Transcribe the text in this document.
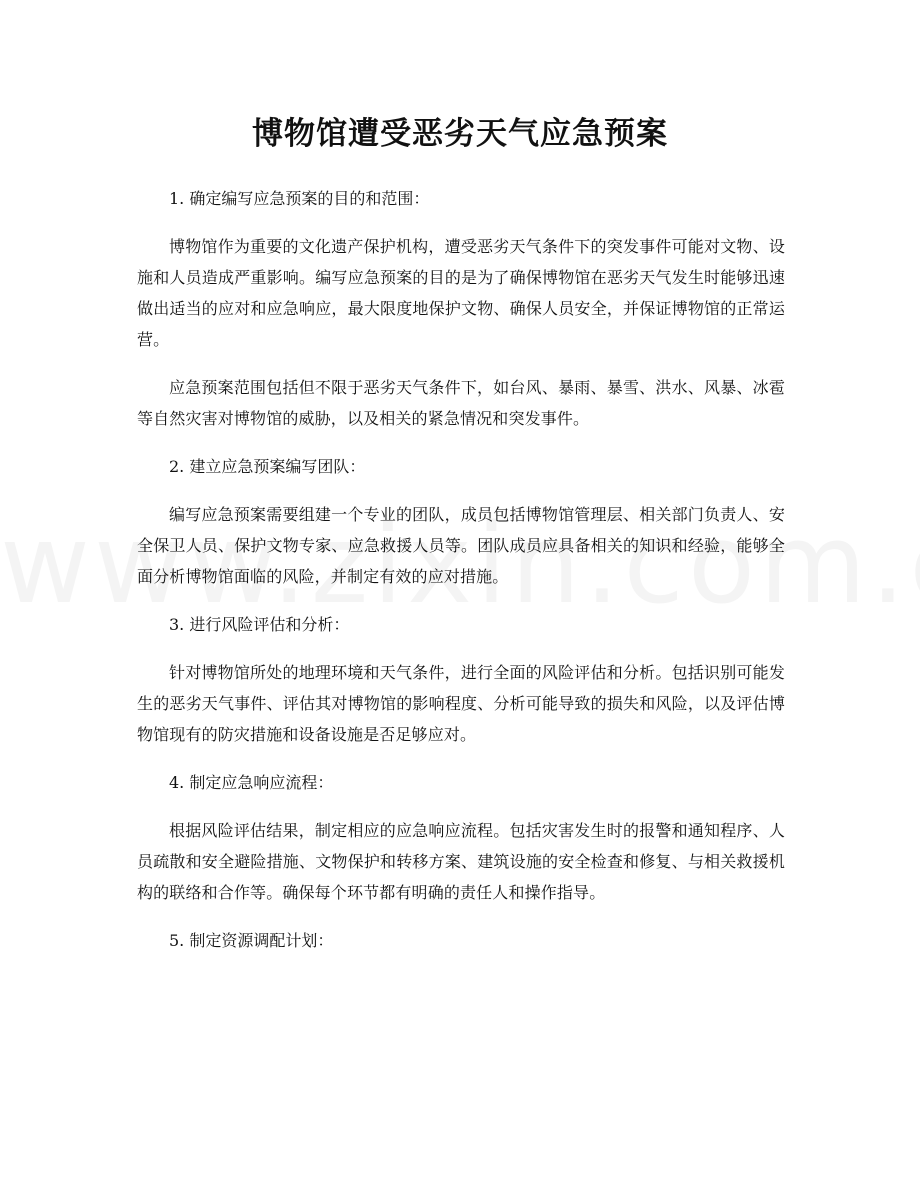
博物馆遭受恶劣天气应急预案

1. 确定编写应急预案的目的和范围：

博物馆作为重要的文化遗产保护机构，遭受恶劣天气条件下的突发事件可能对文物、设施和人员造成严重影响。编写应急预案的目的是为了确保博物馆在恶劣天气发生时能够迅速做出适当的应对和应急响应，最大限度地保护文物、确保人员安全，并保证博物馆的正常运营。

应急预案范围包括但不限于恶劣天气条件下，如台风、暴雨、暴雪、洪水、风暴、冰雹等自然灾害对博物馆的威胁，以及相关的紧急情况和突发事件。

2. 建立应急预案编写团队：

编写应急预案需要组建一个专业的团队，成员包括博物馆管理层、相关部门负责人、安全保卫人员、保护文物专家、应急救援人员等。团队成员应具备相关的知识和经验，能够全面分析博物馆面临的风险，并制定有效的应对措施。

3. 进行风险评估和分析：

针对博物馆所处的地理环境和天气条件，进行全面的风险评估和分析。包括识别可能发生的恶劣天气事件、评估其对博物馆的影响程度、分析可能导致的损失和风险，以及评估博物馆现有的防灾措施和设备设施是否足够应对。

4. 制定应急响应流程：

根据风险评估结果，制定相应的应急响应流程。包括灾害发生时的报警和通知程序、人员疏散和安全避险措施、文物保护和转移方案、建筑设施的安全检查和修复、与相关救援机构的联络和合作等。确保每个环节都有明确的责任人和操作指导。

5. 制定资源调配计划：
